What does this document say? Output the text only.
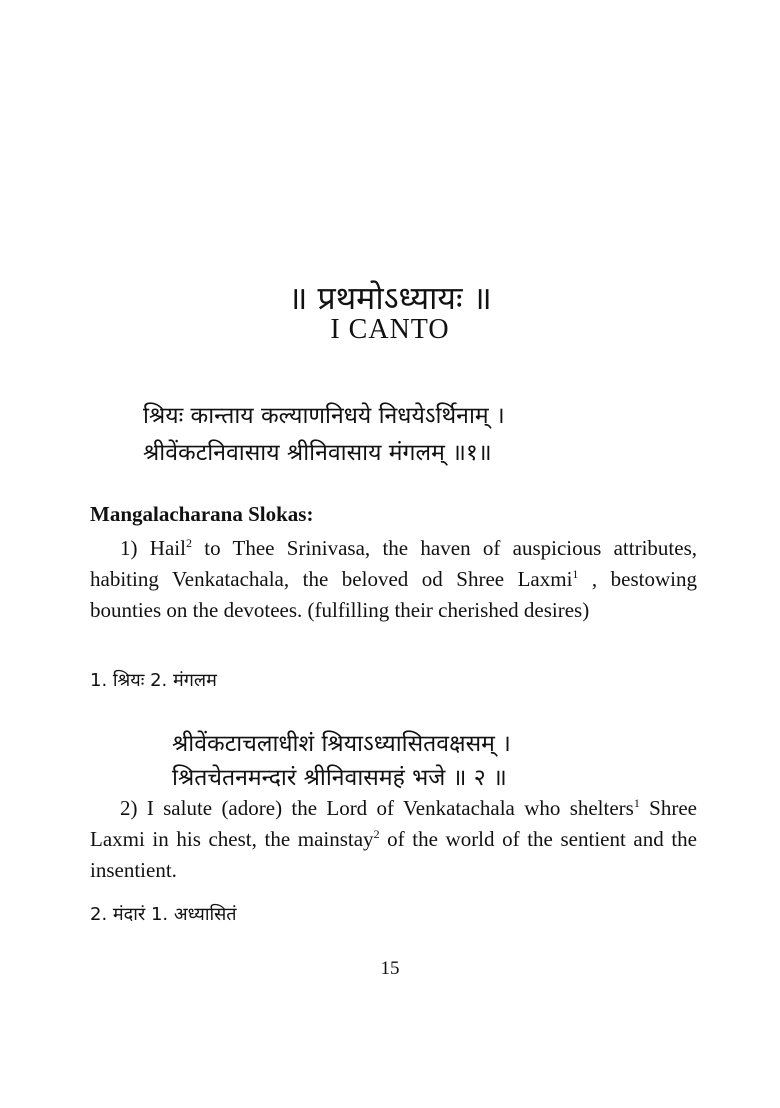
॥ प्रथमोऽध्यायः ॥
I CANTO
श्रियः कान्ताय कल्याणनिधये निधयेऽर्थिनाम् ।
श्रीवेंकटनिवासाय श्रीनिवासाय मंगलम् ॥१॥
Mangalacharana Slokas:
1) Hail$^2$ to Thee Srinivasa, the haven of auspicious attributes, habiting Venkatachala, the beloved od Shree Laxmi$^1$ , bestowing bounties on the devotees. (fulfilling their cherished desires)
1. श्रियः 2. मंगलम
श्रीवेंकटाचलाधीशं श्रियाऽध्यासितवक्षसम् ।
श्रितचेतनमन्दारं श्रीनिवासमहं भजे ॥ २ ॥
2) I salute (adore) the Lord of Venkatachala who shelters$^1$ Shree Laxmi in his chest, the mainstay$^2$ of the world of the sentient and the insentient.
2. मंदारं 1. अध्यासितं
15
